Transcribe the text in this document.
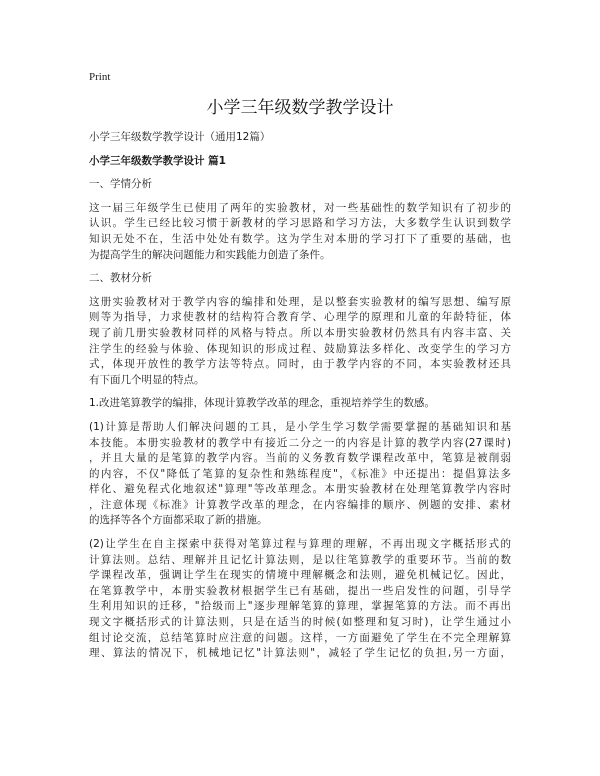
Print
小学三年级数学教学设计
小学三年级数学教学设计（通用12篇）
小学三年级数学教学设计 篇1
一、学情分析
这一届三年级学生已使用了两年的实验教材，对一些基础性的数学知识有了初步的
认识。学生已经比较习惯于新教材的学习思路和学习方法，大多数学生认识到数学
知识无处不在，生活中处处有数学。这为学生对本册的学习打下了重要的基础，也
为提高学生的解决问题能力和实践能力创造了条件。
二、教材分析
这册实验教材对于教学内容的编排和处理，是以整套实验教材的编写思想、编写原
则等为指导，力求使教材的结构符合教育学、心理学的原理和儿童的年龄特征，体
现了前几册实验教材同样的风格与特点。所以本册实验教材仍然具有内容丰富、关
注学生的经验与体验、体现知识的形成过程、鼓励算法多样化、改变学生的学习方
式，体现开放性的教学方法等特点。同时，由于教学内容的不同，本实验教材还具
有下面几个明显的特点。
1.改进笔算教学的编排，体现计算教学改革的理念，重视培养学生的数感。
(1)计算是帮助人们解决问题的工具，是小学生学习数学需要掌握的基础知识和基
本技能。本册实验教材的教学中有接近二分之一的内容是计算的教学内容(27课时)
，并且大量的是笔算的教学内容。当前的义务教育数学课程改革中，笔算是被削弱
的内容，不仅"降低了笔算的复杂性和熟练程度"，《标准》中还提出：提倡算法多
样化、避免程式化地叙述"算理"等改革理念。本册实验教材在处理笔算教学内容时
，注意体现《标准》计算教学改革的理念，在内容编排的顺序、例题的安排、素材
的选择等各个方面都采取了新的措施。
(2)让学生在自主探索中获得对笔算过程与算理的理解，不再出现文字概括形式的
计算法则。总结、理解并且记忆计算法则，是以往笔算教学的重要环节。当前的数
学课程改革，强调让学生在现实的情境中理解概念和法则，避免机械记忆。因此，
在笔算教学中，本册实验教材根据学生已有基础，提出一些启发性的问题，引导学
生利用知识的迁移，"拾级而上"逐步理解笔算的算理，掌握笔算的方法。而不再出
现文字概括形式的计算法则，只是在适当的时候(如整理和复习时)，让学生通过小
组讨论交流，总结笔算时应注意的问题。这样，一方面避免了学生在不完全理解算
理、算法的情况下，机械地记忆"计算法则"，减轻了学生记忆的负担,另一方面，
